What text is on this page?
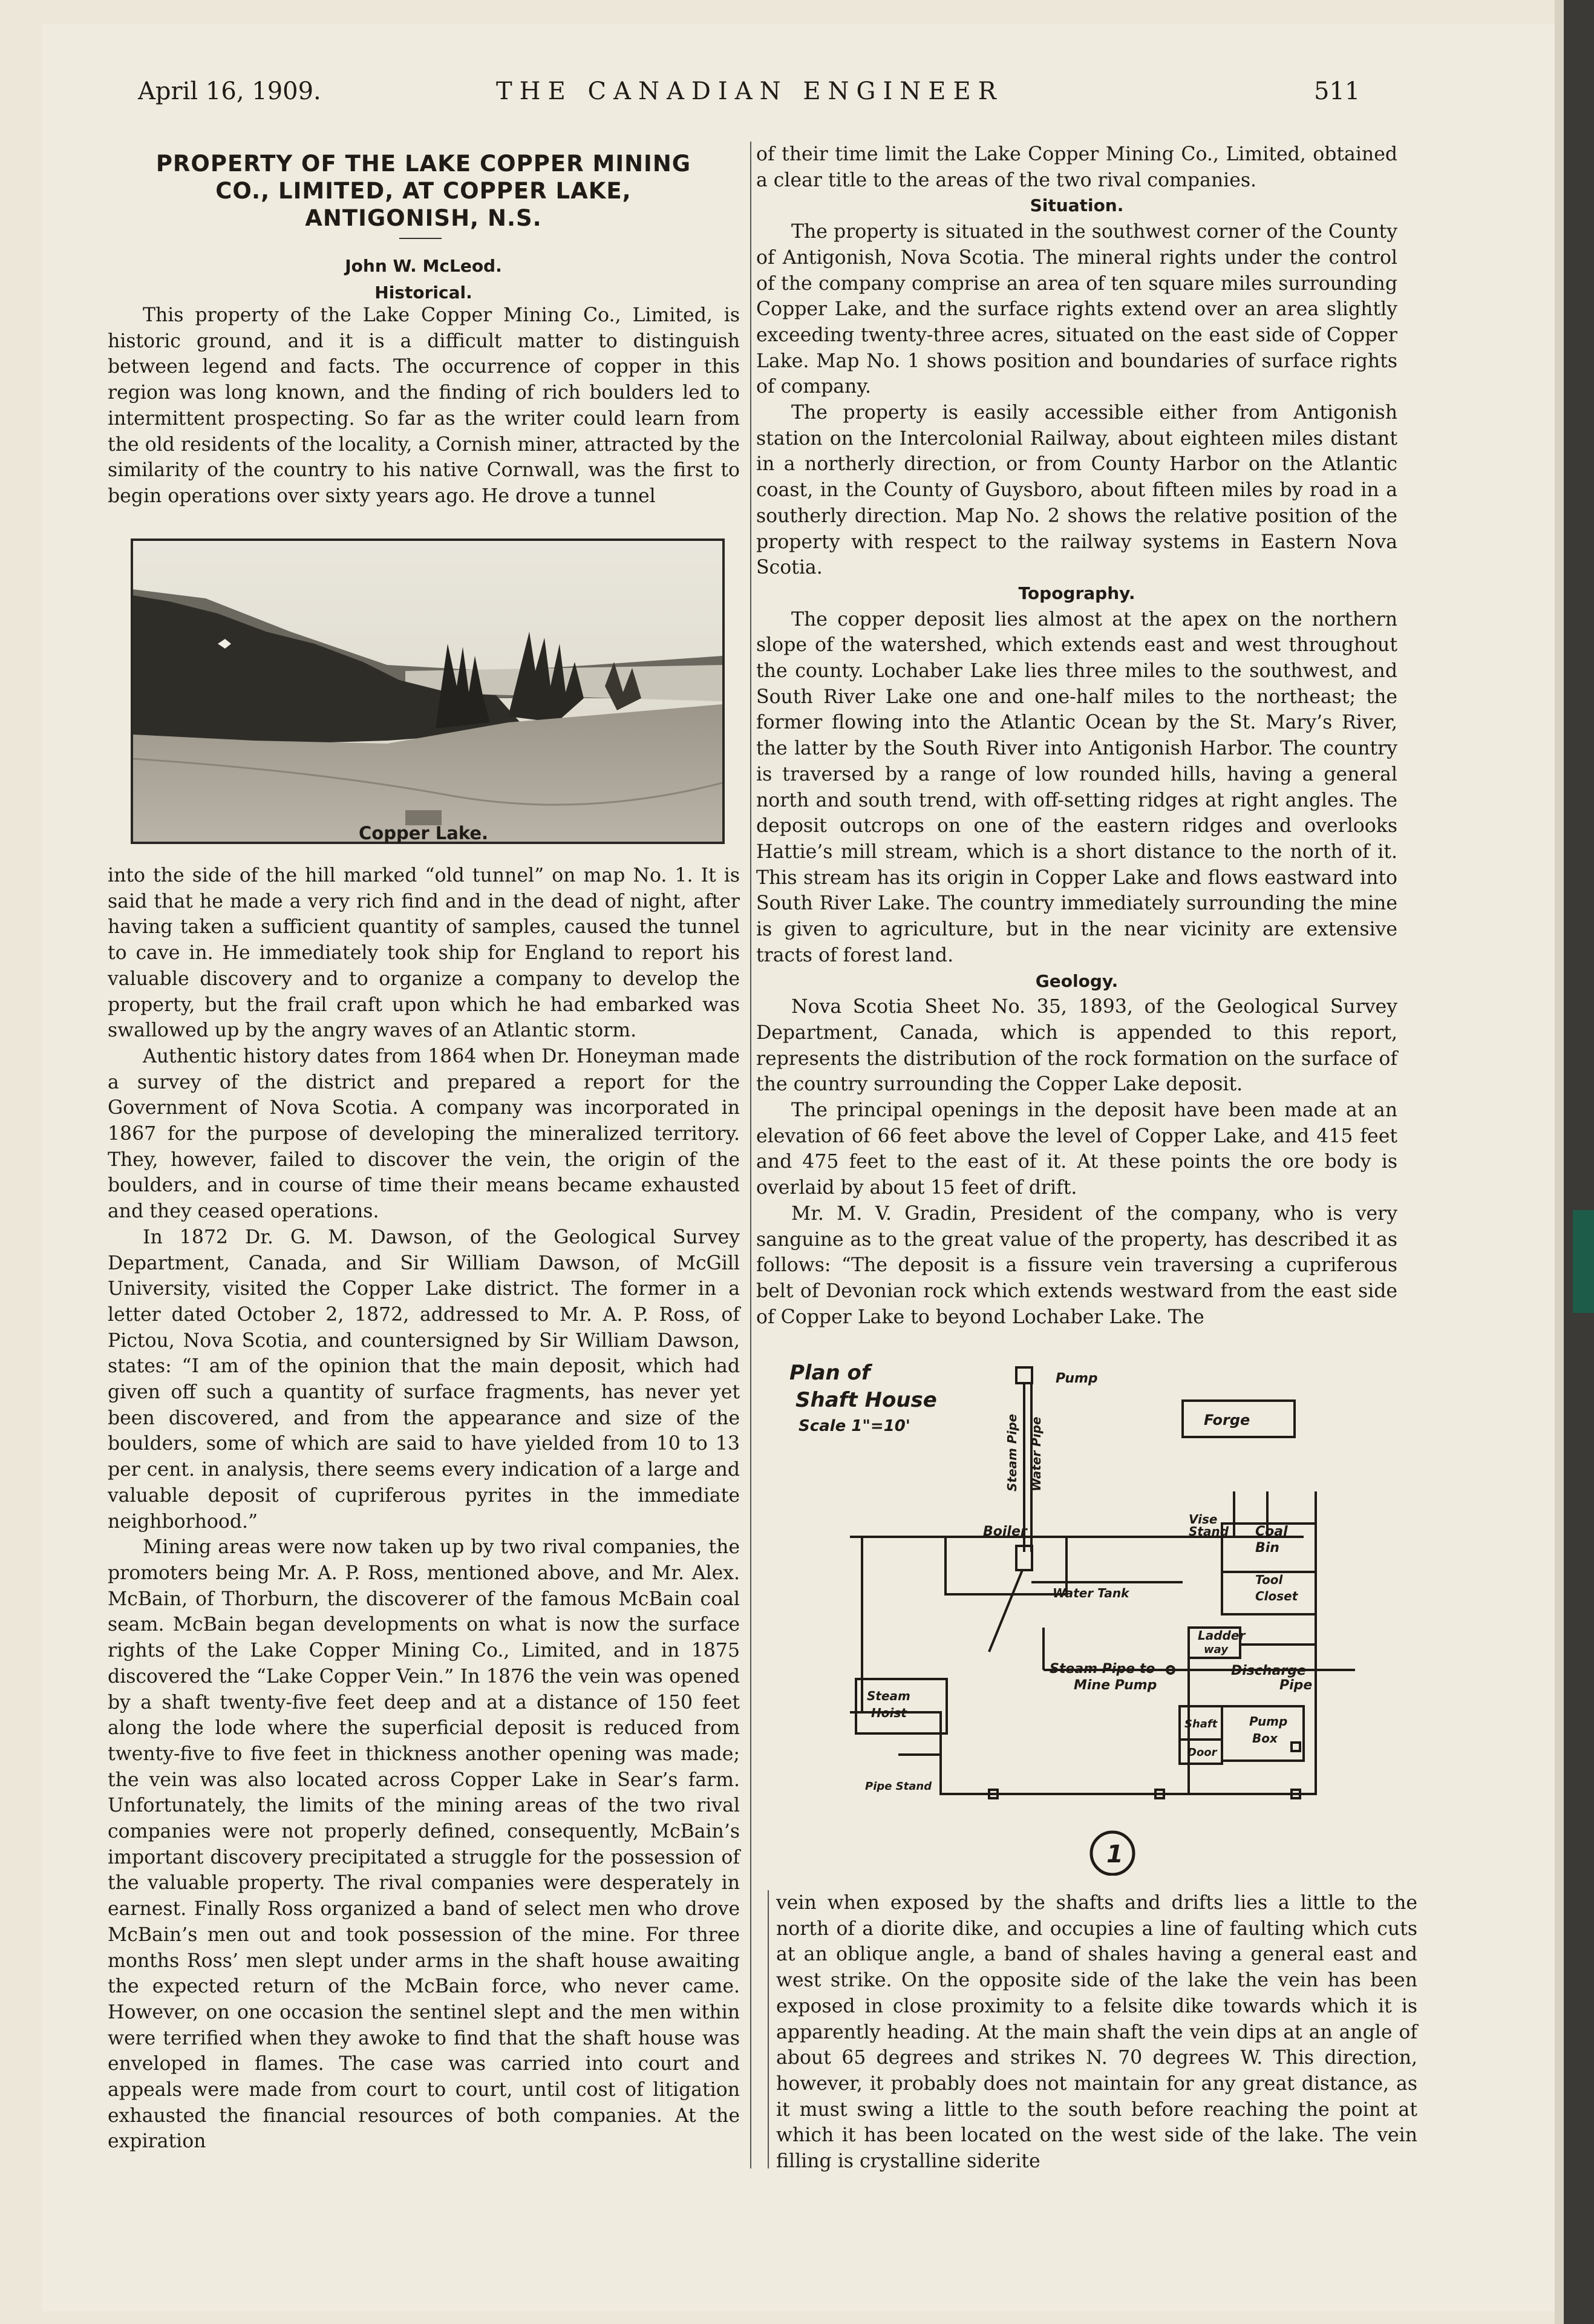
April 16, 1909.	THE CANADIAN ENGINEER	511
PROPERTY OF THE LAKE COPPER MINING
CO., LIMITED, AT COPPER LAKE,
ANTIGONISH, N.S.
John W. McLeod.
Historical.

This property of the Lake Copper Mining Co., Limited, is historic ground, and it is a difficult matter to distinguish between legend and facts. The occurrence of copper in this region was long known, and the finding of rich boulders led to intermittent prospecting. So far as the writer could learn from the old residents of the locality, a Cornish miner, attracted by the similarity of the country to his native Cornwall, was the first to begin operations over sixty years ago. He drove a tunnel

Copper Lake.

into the side of the hill marked “old tunnel” on map No. 1. It is said that he made a very rich find and in the dead of night, after having taken a sufficient quantity of samples, caused the tunnel to cave in. He immediately took ship for England to report his valuable discovery and to organize a company to develop the property, but the frail craft upon which he had embarked was swallowed up by the angry waves of an Atlantic storm.

Authentic history dates from 1864 when Dr. Honeyman made a survey of the district and prepared a report for the Government of Nova Scotia. A company was incorporated in 1867 for the purpose of developing the mineralized territory. They, however, failed to discover the vein, the origin of the boulders, and in course of time their means became exhausted and they ceased operations.

In 1872 Dr. G. M. Dawson, of the Geological Survey Department, Canada, and Sir William Dawson, of McGill University, visited the Copper Lake district. The former in a letter dated October 2, 1872, addressed to Mr. A. P. Ross, of Pictou, Nova Scotia, and countersigned by Sir William Dawson, states: “I am of the opinion that the main deposit, which had given off such a quantity of surface fragments, has never yet been discovered, and from the appearance and size of the boulders, some of which are said to have yielded from 10 to 13 per cent. in analysis, there seems every indication of a large and valuable deposit of cupriferous pyrites in the immediate neighborhood.”

Mining areas were now taken up by two rival companies, the promoters being Mr. A. P. Ross, mentioned above, and Mr. Alex. McBain, of Thorburn, the discoverer of the famous McBain coal seam. McBain began developments on what is now the surface rights of the Lake Copper Mining Co., Limited, and in 1875 discovered the “Lake Copper Vein.” In 1876 the vein was opened by a shaft twenty-five feet deep and at a distance of 150 feet along the lode where the superficial deposit is reduced from twenty-five to five feet in thickness another opening was made; the vein was also located across Copper Lake in Sear’s farm. Unfortunately, the limits of the mining areas of the two rival companies were not properly defined, consequently, McBain’s important discovery precipitated a struggle for the possession of the valuable property. The rival companies were desperately in earnest. Finally Ross organized a band of select men who drove McBain’s men out and took possession of the mine. For three months Ross’ men slept under arms in the shaft house awaiting the expected return of the McBain force, who never came. However, on one occasion the sentinel slept and the men within were terrified when they awoke to find that the shaft house was enveloped in flames. The case was carried into court and appeals were made from court to court, until cost of litigation exhausted the financial resources of both companies. At the expiration

of their time limit the Lake Copper Mining Co., Limited, obtained a clear title to the areas of the two rival companies.

Situation.

The property is situated in the southwest corner of the County of Antigonish, Nova Scotia. The mineral rights under the control of the company comprise an area of ten square miles surrounding Copper Lake, and the surface rights extend over an area slightly exceeding twenty-three acres, situated on the east side of Copper Lake. Map No. 1 shows position and boundaries of surface rights of company.

The property is easily accessible either from Antigonish station on the Intercolonial Railway, about eighteen miles distant in a northerly direction, or from County Harbor on the Atlantic coast, in the County of Guysboro, about fifteen miles by road in a southerly direction. Map No. 2 shows the relative position of the property with respect to the railway systems in Eastern Nova Scotia.

Topography.

The copper deposit lies almost at the apex on the northern slope of the watershed, which extends east and west throughout the county. Lochaber Lake lies three miles to the southwest, and South River Lake one and one-half miles to the northeast; the former flowing into the Atlantic Ocean by the St. Mary’s River, the latter by the South River into Antigonish Harbor. The country is traversed by a range of low rounded hills, having a general north and south trend, with off-setting ridges at right angles. The deposit outcrops on one of the eastern ridges and overlooks Hattie’s mill stream, which is a short distance to the north of it. This stream has its origin in Copper Lake and flows eastward into South River Lake. The country immediately surrounding the mine is given to agriculture, but in the near vicinity are extensive tracts of forest land.

Geology.

Nova Scotia Sheet No. 35, 1893, of the Geological Survey Department, Canada, which is appended to this report, represents the distribution of the rock formation on the surface of the country surrounding the Copper Lake deposit.

The principal openings in the deposit have been made at an elevation of 66 feet above the level of Copper Lake, and 415 feet and 475 feet to the east of it. At these points the ore body is overlaid by about 15 feet of drift.

Mr. M. V. Gradin, President of the company, who is very sanguine as to the great value of the property, has described it as follows: “The deposit is a fissure vein traversing a cupriferous belt of Devonian rock which extends westward from the east side of Copper Lake to beyond Lochaber Lake. The

Plan of
Shaft House
Scale 1"=10'
Pump
Steam Pipe Water Pipe	Forge
Boiler
Vise
Stand Coal
Bin
Tool
Closet
Water Tank
Ladder
way
Steam Pipe to
Mine Pump
Discharge
Pipe
Steam
Hoist
Shaft	Pump
Box
Door
Pipe Stand
1

vein when exposed by the shafts and drifts lies a little to the north of a diorite dike, and occupies a line of faulting which cuts at an oblique angle, a band of shales having a general east and west strike. On the opposite side of the lake the vein has been exposed in close proximity to a felsite dike towards which it is apparently heading. At the main shaft the vein dips at an angle of about 65 degrees and strikes N. 70 degrees W. This direction, however, it probably does not maintain for any great distance, as it must swing a little to the south before reaching the point at which it has been located on the west side of the lake. The vein filling is crystalline siderite
